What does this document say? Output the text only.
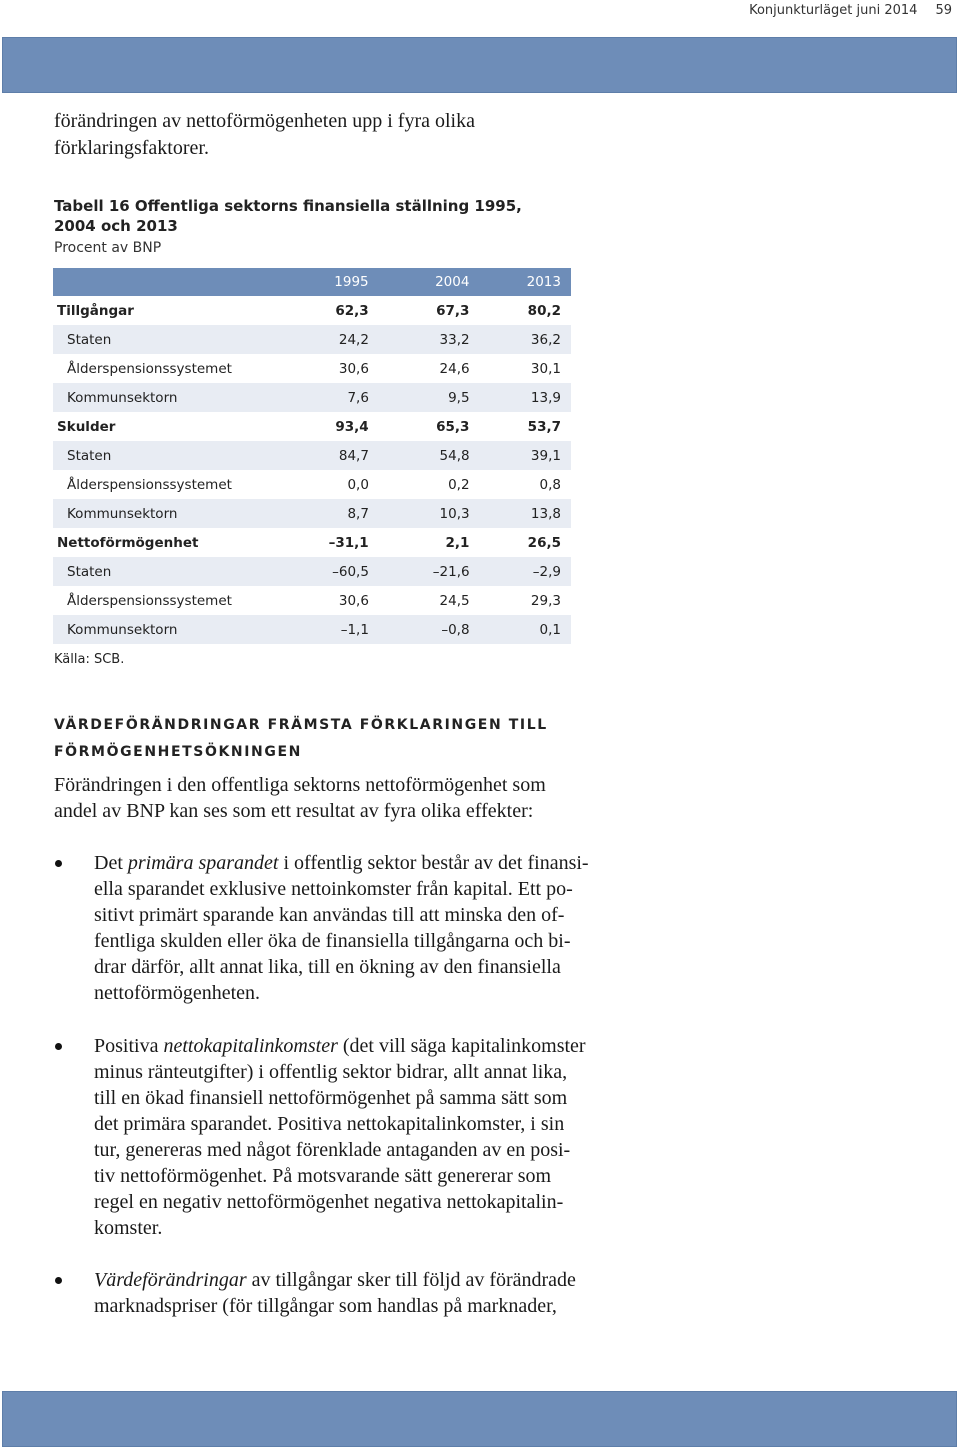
Konjunkturläget juni 2014 59
förändringen av nettoförmögenheten upp i fyra olika
förklaringsfaktorer.
Tabell 16 Offentliga sektorns finansiella ställning 1995,
2004 och 2013
Procent av BNP
1995	2004	2013
Tillgångar	62,3	67,3	80,2
Staten	24,2	33,2	36,2
Ålderspensionssystemet	30,6	24,6	30,1
Kommunsektorn	7,6	9,5	13,9
Skulder	93,4	65,3	53,7
Staten	84,7	54,8	39,1
Ålderspensionssystemet	0,0	0,2	0,8
Kommunsektorn	8,7	10,3	13,8
Nettoförmögenhet	–31,1	2,1	26,5
Staten	–60,5	–21,6	–2,9
Ålderspensionssystemet	30,6	24,5	29,3
Kommunsektorn	–1,1	–0,8	0,1
Källa: SCB.
VÄRDEFÖRÄNDRINGAR FRÄMSTA FÖRKLARINGEN TILL
FÖRMÖGENHETSÖKNINGEN
Förändringen i den offentliga sektorns nettoförmögenhet som
andel av BNP kan ses som ett resultat av fyra olika effekter:
Det primära sparandet i offentlig sektor består av det finansi-
ella sparandet exklusive nettoinkomster från kapital. Ett po-
sitivt primärt sparande kan användas till att minska den of-
fentliga skulden eller öka de finansiella tillgångarna och bi-
drar därför, allt annat lika, till en ökning av den finansiella
nettoförmögenheten.
Positiva nettokapitalinkomster (det vill säga kapitalinkomster
minus ränteutgifter) i offentlig sektor bidrar, allt annat lika,
till en ökad finansiell nettoförmögenhet på samma sätt som
det primära sparandet. Positiva nettokapitalinkomster, i sin
tur, genereras med något förenklade antaganden av en posi-
tiv nettoförmögenhet. På motsvarande sätt genererar som
regel en negativ nettoförmögenhet negativa nettokapitalin-
komster.
Värdeförändringar av tillgångar sker till följd av förändrade
marknadspriser (för tillgångar som handlas på marknader,
